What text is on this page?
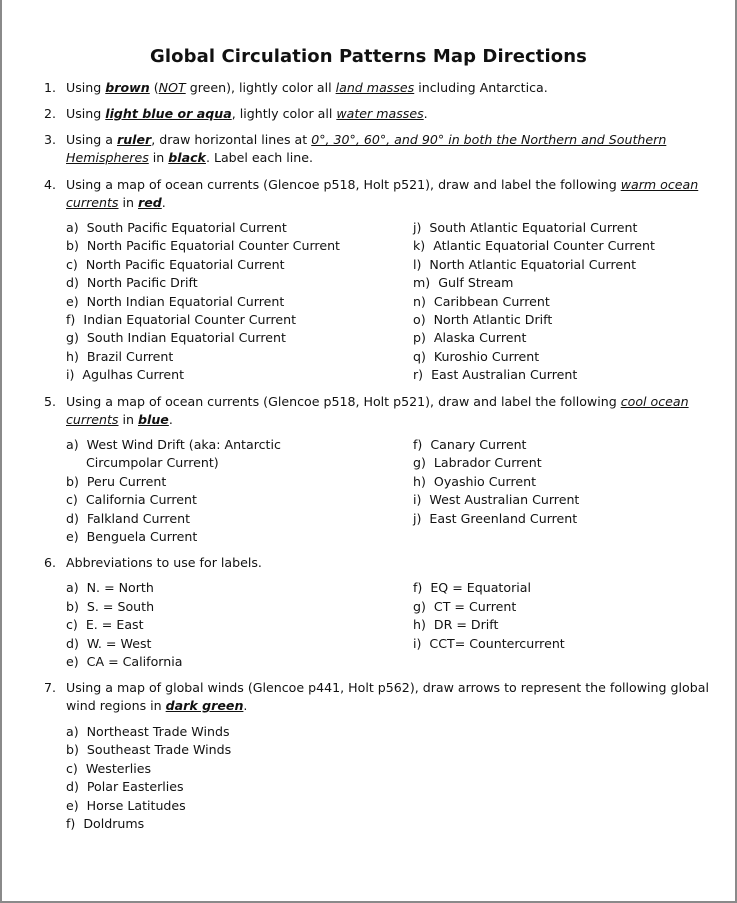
Global Circulation Patterns Map Directions
1. Using brown (NOT green), lightly color all land masses including Antarctica.
2. Using light blue or aqua, lightly color all water masses.
3. Using a ruler, draw horizontal lines at 0°, 30°, 60°, and 90° in both the Northern and Southern
Hemispheres in black. Label each line.
4. Using a map of ocean currents (Glencoe p518, Holt p521), draw and label the following warm ocean
currents in red.
a)  South Pacific Equatorial Current
b)  North Pacific Equatorial Counter Current
c)  North Pacific Equatorial Current
d)  North Pacific Drift
e)  North Indian Equatorial Current
f)  Indian Equatorial Counter Current
g)  South Indian Equatorial Current
h)  Brazil Current
i)  Agulhas Current
j)  South Atlantic Equatorial Current
k)  Atlantic Equatorial Counter Current
l)  North Atlantic Equatorial Current
m)  Gulf Stream
n)  Caribbean Current
o)  North Atlantic Drift
p)  Alaska Current
q)  Kuroshio Current
r)  East Australian Current
5. Using a map of ocean currents (Glencoe p518, Holt p521), draw and label the following cool ocean
currents in blue.
a)  West Wind Drift (aka: Antarctic
Circumpolar Current)
b)  Peru Current
c)  California Current
d)  Falkland Current
e)  Benguela Current
f)  Canary Current
g)  Labrador Current
h)  Oyashio Current
i)  West Australian Current
j)  East Greenland Current
6. Abbreviations to use for labels.
a)  N. = North
b)  S. = South
c)  E. = East
d)  W. = West
e)  CA = California
f)  EQ = Equatorial
g)  CT = Current
h)  DR = Drift
i)  CCT= Countercurrent
7. Using a map of global winds (Glencoe p441, Holt p562), draw arrows to represent the following global
wind regions in dark green.
a)  Northeast Trade Winds
b)  Southeast Trade Winds
c)  Westerlies
d)  Polar Easterlies
e)  Horse Latitudes
f)  Doldrums
